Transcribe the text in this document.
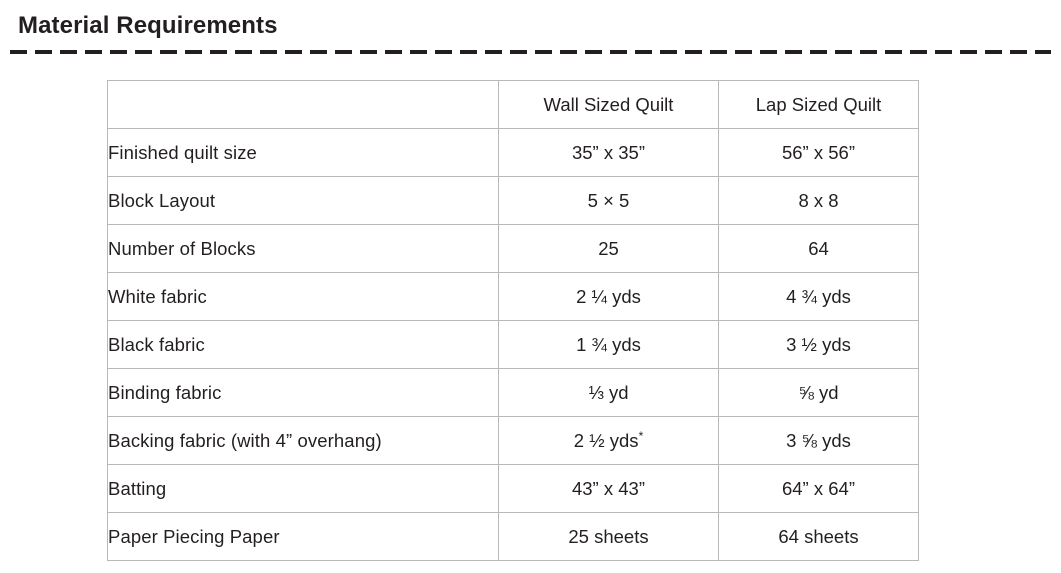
Material Requirements
	Wall Sized Quilt	Lap Sized Quilt
Finished quilt size	35” x 35”	56” x 56”
Block Layout	5 × 5	8 x 8
Number of Blocks	25	64
White fabric	2 ¼ yds	4 ¾ yds
Black fabric	1 ¾ yds	3 ½ yds
Binding fabric	⅓ yd	⅝ yd
Backing fabric (with 4” overhang)	2 ½ yds*	3 ⅝ yds
Batting	43” x 43”	64” x 64”
Paper Piecing Paper	25 sheets	64 sheets
